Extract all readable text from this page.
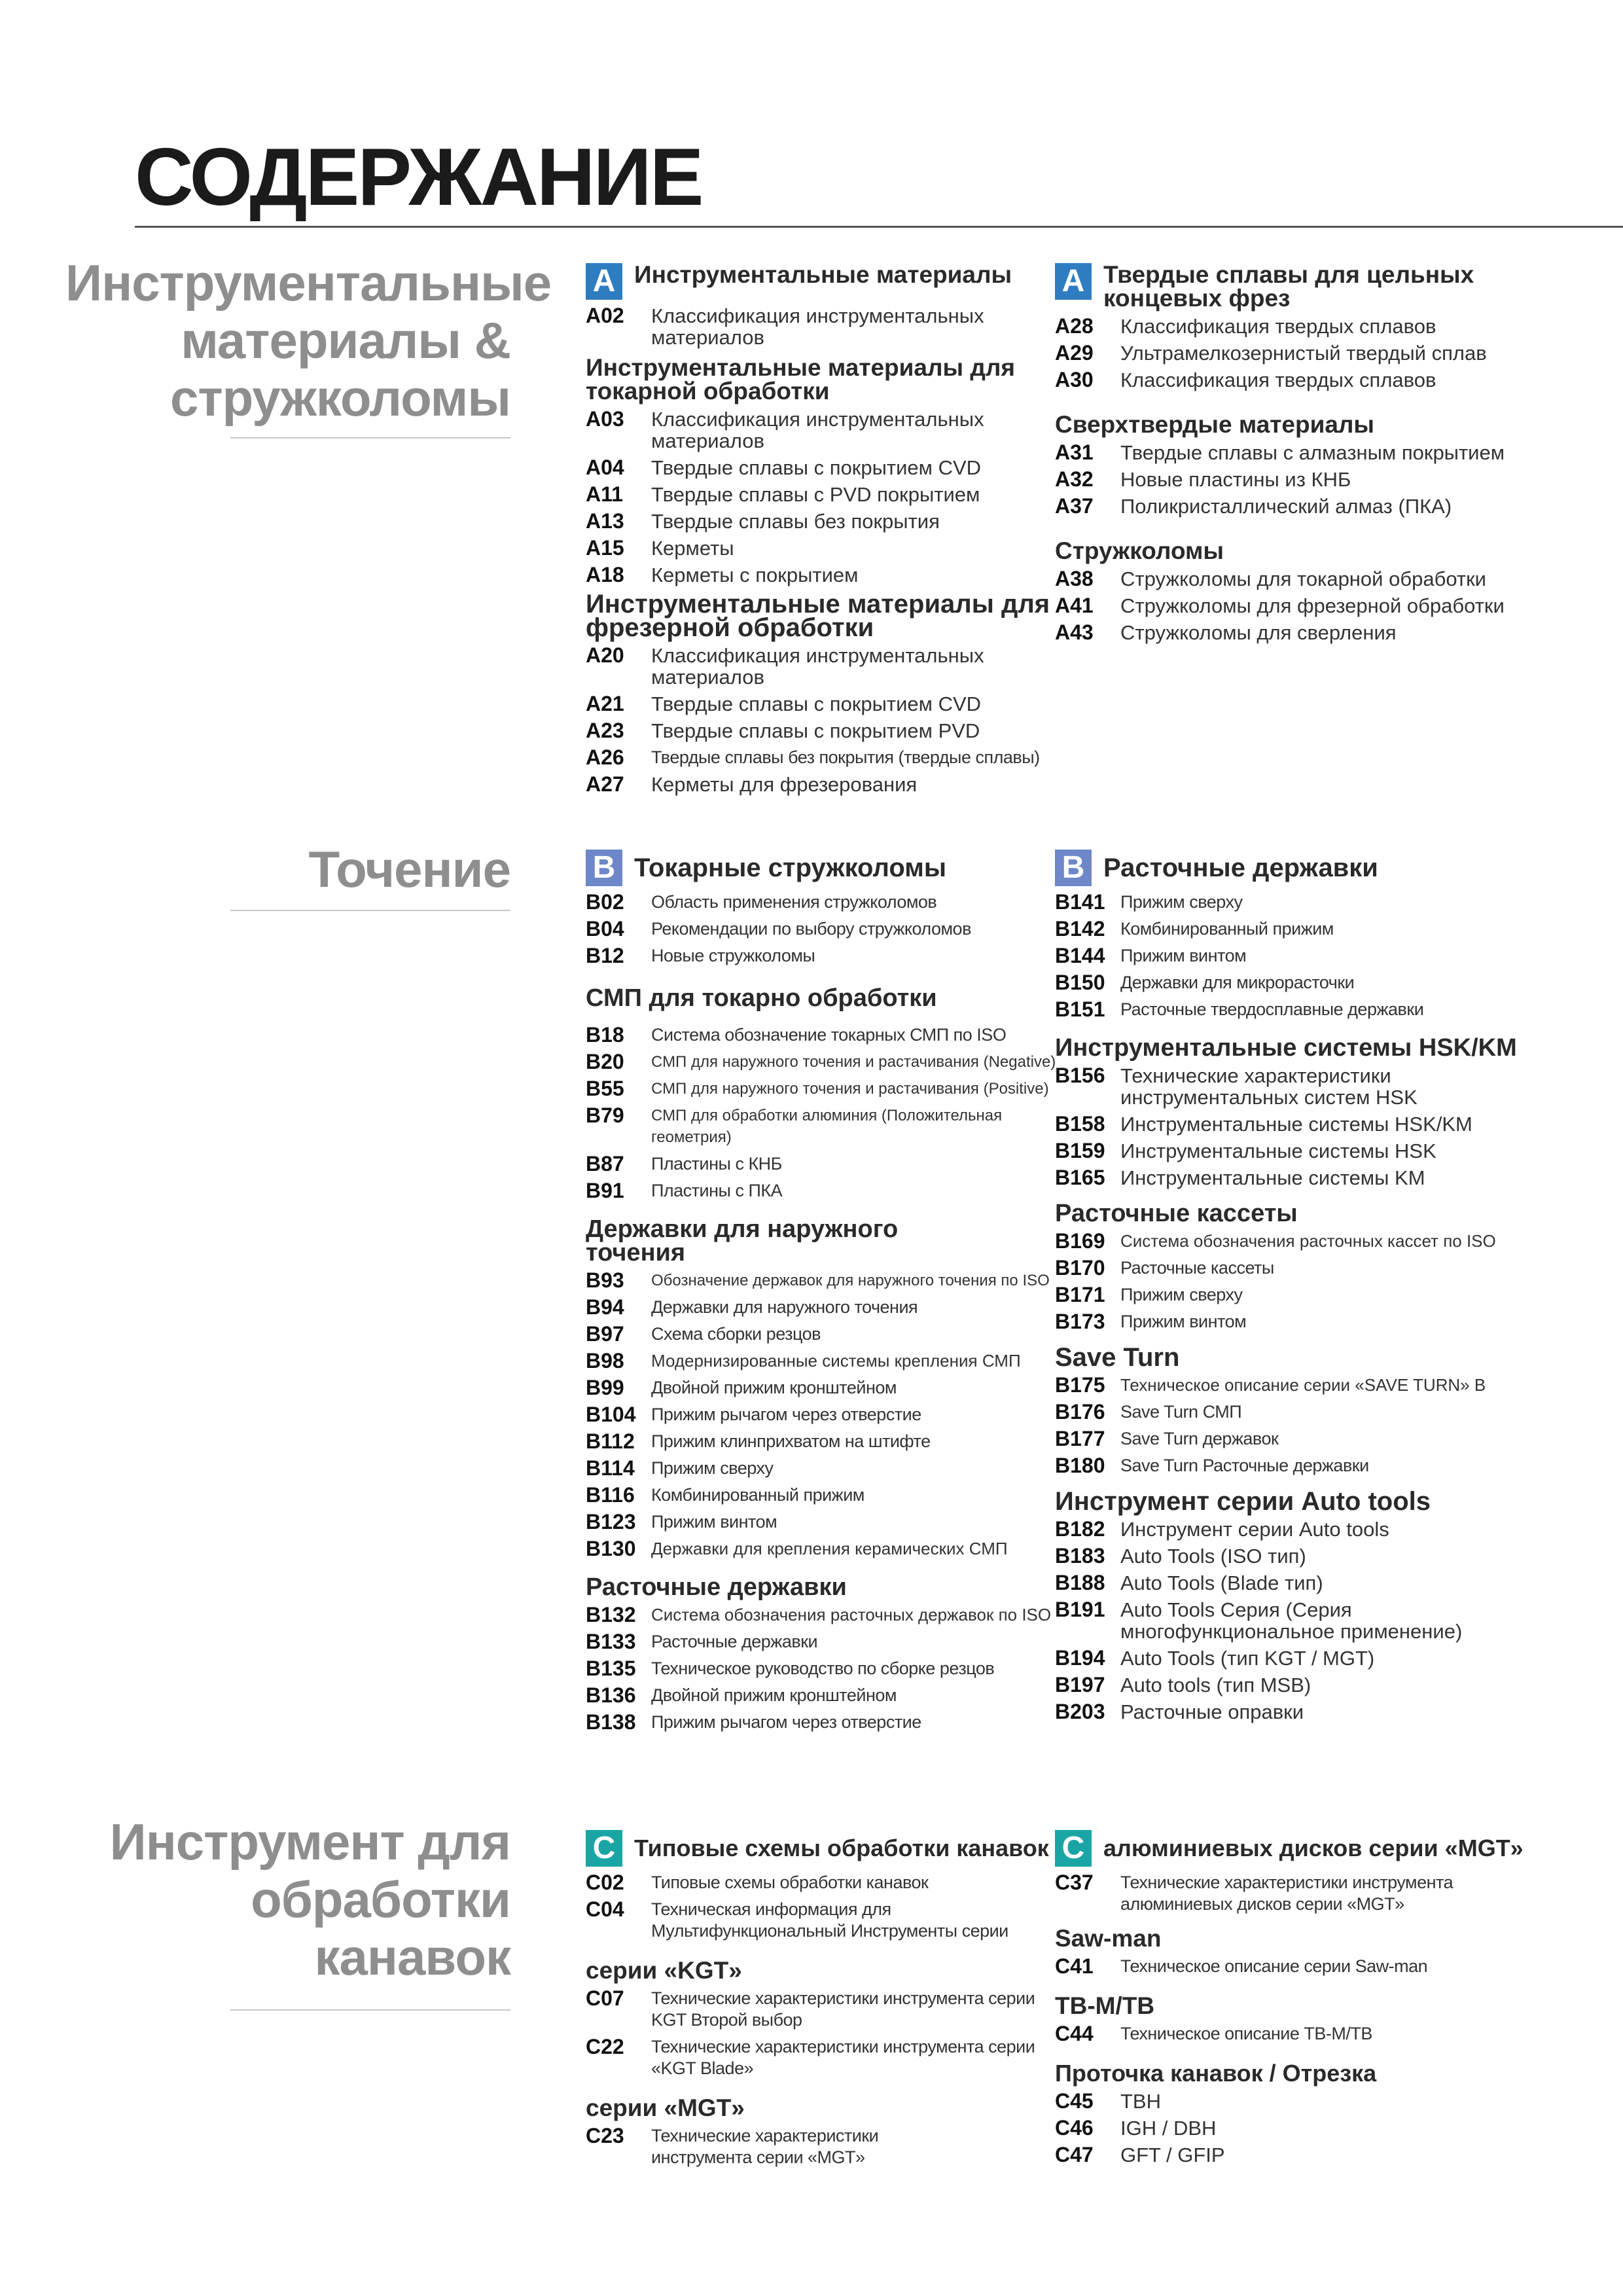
СОДЕРЖАНИЕ
Инструментальные материалы & стружколомы
Точение
Инструмент для обработки канавок
A Инструментальные материалы
A02	Классификация инструментальных материалов
Инструментальные материалы для токарной обработки
A03	Классификация инструментальных материалов
A04	Твердые сплавы с покрытием CVD
A11	Твердые сплавы с PVD покрытием
A13	Твердые сплавы без покрытия
A15	Керметы
A18	Керметы с покрытием
Инструментальные материалы для фрезерной обработки
A20	Классификация инструментальных материалов
A21	Твердые сплавы с покрытием CVD
A23	Твердые сплавы с покрытием PVD
A26	Твердые сплавы без покрытия (твердые сплавы)
A27	Керметы для фрезерования
A Твердые сплавы для цельных концевых фрез
A28	Классификация твердых сплавов
A29	Ультрамелкозернистый твердый сплав
A30	Классификация твердых сплавов
Сверхтвердые материалы
A31	Твердые сплавы с алмазным покрытием
A32	Новые пластины из КНБ
A37	Поликристаллический алмаз (ПКА)
Стружколомы
A38	Стружколомы для токарной обработки
A41	Стружколомы для фрезерной обработки
A43	Стружколомы для сверления
B Токарные стружколомы
B02	Область применения стружколомов
B04	Рекомендации по выбору стружколомов
B12	Новые стружколомы
СМП для токарно обработки
B18	Система обозначение токарных СМП по ISO
B20	СМП для наружного точения и растачивания (Negative)
B55	СМП для наружного точения и растачивания (Positive)
B79	СМП для обработки алюминия (Положительная геометрия)
B87	Пластины с КНБ
B91	Пластины с ПКА
Державки для наружного точения
B93	Обозначение державок для наружного точения по ISO
B94	Державки для наружного точения
B97	Схема сборки резцов
B98	Модернизированные системы крепления СМП
B99	Двойной прижим кронштейном
B104 Прижим рычагом через отверстие
B112 Прижим клинприхватом на штифте
B114 Прижим сверху
B116 Комбинированный прижим
B123 Прижим винтом
B130 Державки для крепления керамических СМП
Расточные державки
B132 Система обозначения расточных державок по ISO
B133 Расточные державки
B135 Техническое руководство по сборке резцов
B136 Двойной прижим кронштейном
B138 Прижим рычагом через отверстие
B Расточные державки
B141 Прижим сверху
B142 Комбинированный прижим
B144 Прижим винтом
B150 Державки для микрорасточки
B151 Расточные твердосплавные державки
Инструментальные системы HSK/KM
B156 Технические характеристики инструментальных систем HSK
B158 Инструментальные системы HSK/KM
B159 Инструментальные системы HSK
B165 Инструментальные системы KM
Расточные кассеты
B169 Система обозначения расточных кассет по ISO
B170 Расточные кассеты
B171 Прижим сверху
B173 Прижим винтом
Save Turn
B175 Техническое описание серии «SAVE TURN» B
B176 Save Turn СМП
B177 Save Turn державок
B180 Save Turn Расточные державки
Инструмент серии Auto tools
B182 Инструмент серии Auto tools
B183 Auto Tools (ISO тип)
B188 Auto Tools (Blade тип)
B191 Auto Tools Серия (Серия многофункциональное применение)
B194 Auto Tools (тип KGT / MGT)
B197 Auto tools (тип MSB)
B203 Расточные оправки
C Типовые схемы обработки канавок
C02	Типовые схемы обработки канавок
C04	Техническая информация для Мультифункциональный Инструменты серии
серии «KGT»
C07	Технические характеристики инструмента серии KGT Второй выбор
C22	Технические характеристики инструмента серии «KGT Blade»
серии «MGT»
C23	Технические характеристики инструмента серии «MGT»
C алюминиевых дисков серии «MGT»
C37	Технические характеристики инструмента алюминиевых дисков серии «MGT»
Saw-man
C41	Техническое описание серии Saw-man
TB-M/TB
C44	Техническое описание TB-M/TB
Проточка канавок / Отрезка
C45	TBH
C46	IGH / DBH
C47	GFT / GFIP
